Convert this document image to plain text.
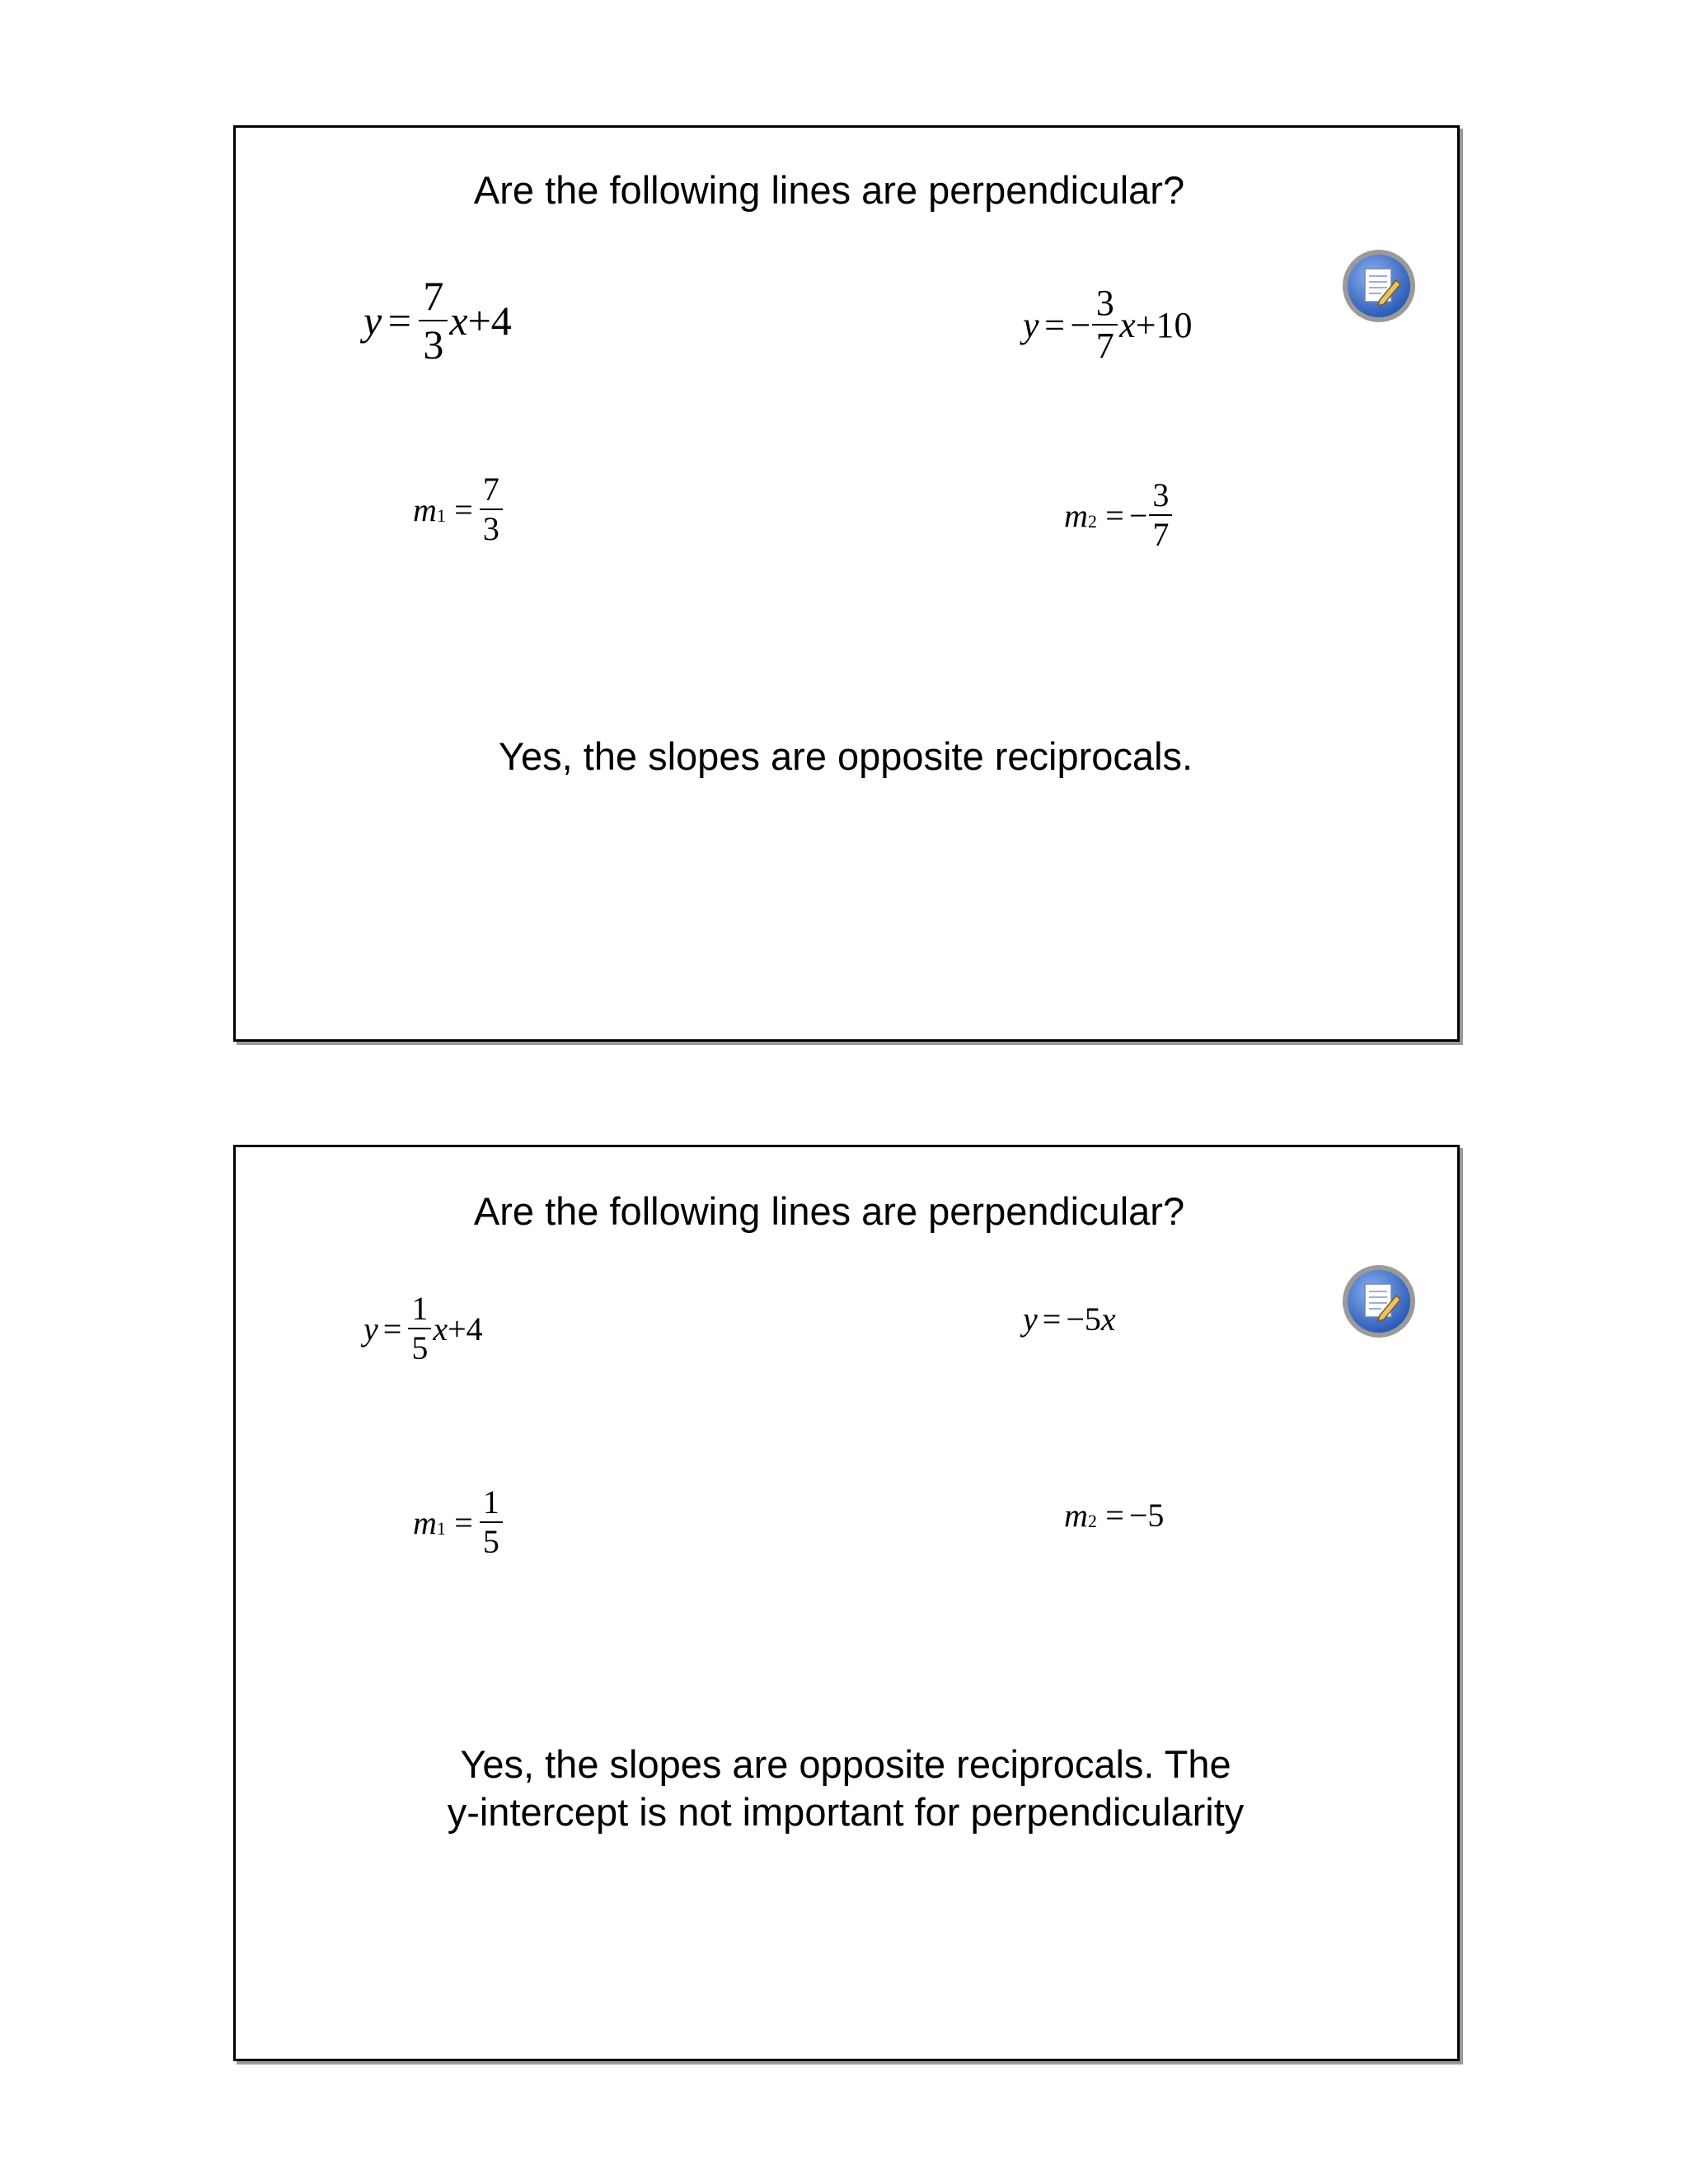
Are the following lines are perpendicular?
$y = \frac{7}{3}$ x +4	y = − $\frac{3}{7}$ x +10
m $1 = \frac{7}{3}$	m 2 = − $\frac{3}{7}$
Yes, the slopes are opposite reciprocals.
Are the following lines are perpendicular?
$y = \frac{1}{5}$ x +4	y = −5 x
m $1 = \frac{1}{5}$	m 2 = −5
Yes, the slopes are opposite reciprocals. The
y-intercept is not important for perpendicularity
